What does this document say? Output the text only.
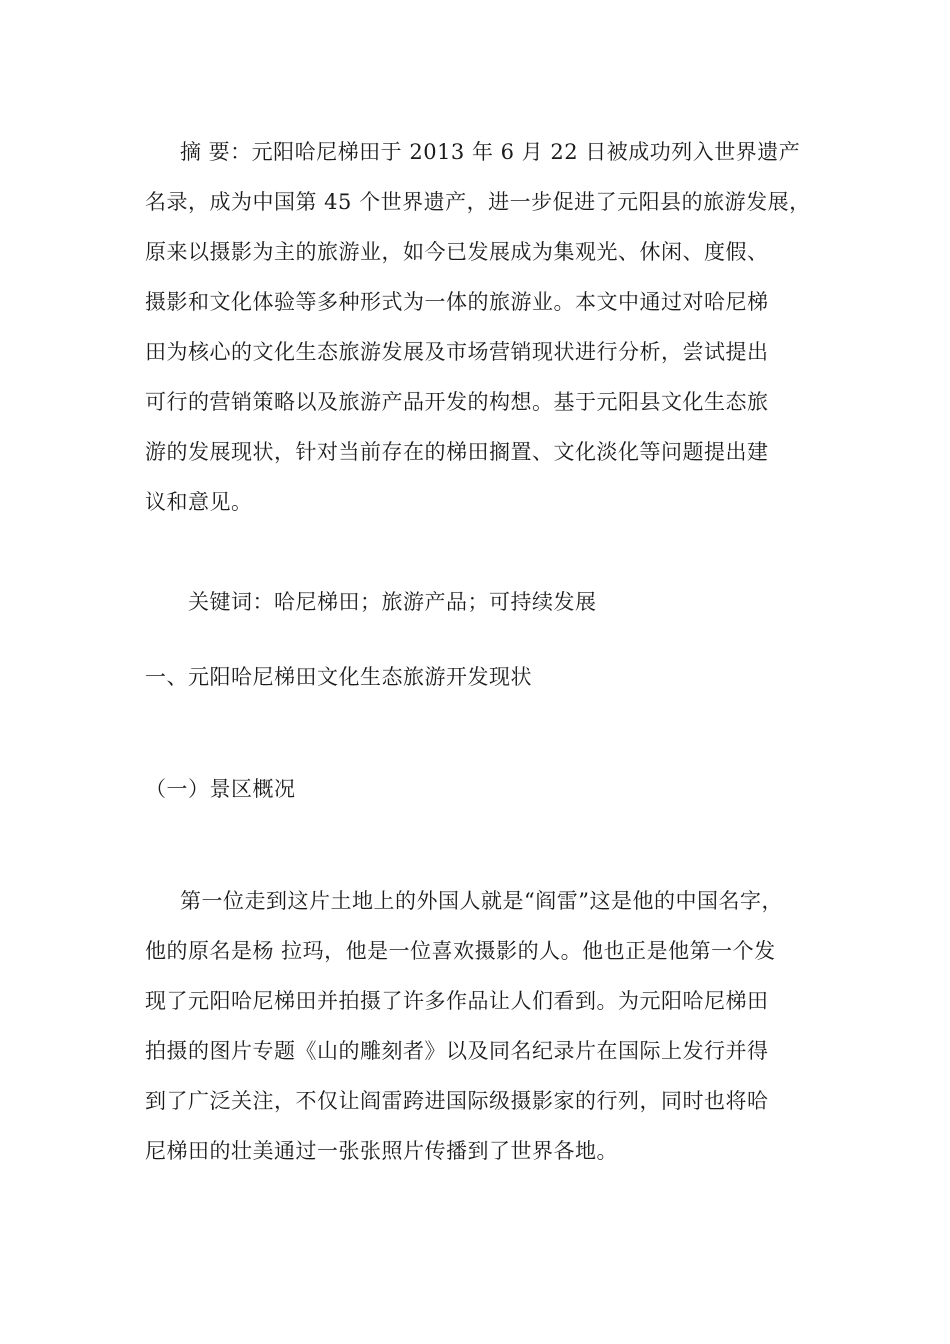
摘 要：元阳哈尼梯田于 2013 年 6 月 22 日被成功列入世界遗产
名录，成为中国第 45 个世界遗产，进一步促进了元阳县的旅游发展，
原来以摄影为主的旅游业，如今已发展成为集观光、休闲、度假、
摄影和文化体验等多种形式为一体的旅游业。本文中通过对哈尼梯
田为核心的文化生态旅游发展及市场营销现状进行分析，尝试提出
可行的营销策略以及旅游产品开发的构想。基于元阳县文化生态旅
游的发展现状，针对当前存在的梯田搁置、文化淡化等问题提出建
议和意见。
关键词：哈尼梯田；旅游产品；可持续发展
一、元阳哈尼梯田文化生态旅游开发现状
（一）景区概况
第一位走到这片土地上的外国人就是“阎雷”这是他的中国名字，
他的原名是杨 拉玛，他是一位喜欢摄影的人。他也正是他第一个发
现了元阳哈尼梯田并拍摄了许多作品让人们看到。为元阳哈尼梯田
拍摄的图片专题《山的雕刻者》以及同名纪录片在国际上发行并得
到了广泛关注，不仅让阎雷跨进国际级摄影家的行列，同时也将哈
尼梯田的壮美通过一张张照片传播到了世界各地。
